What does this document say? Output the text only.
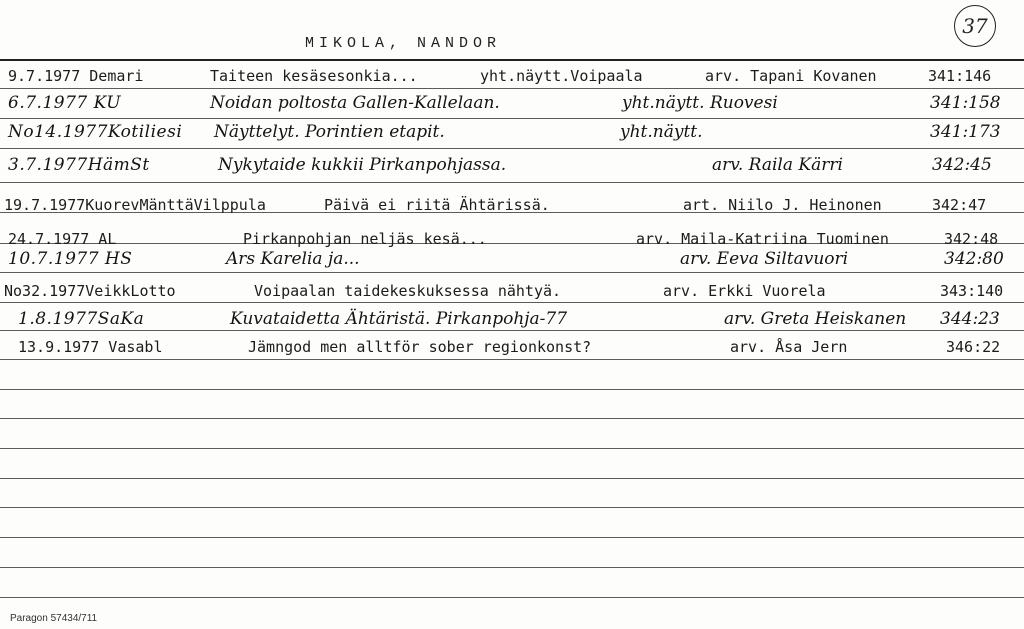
MIKOLA, NANDOR
37
9.7.1977 Demari	Taiteen kesäsesonkia...	yht.näytt.Voipaala	arv. Tapani Kovanen	341:146
6.7.1977 KU	Noidan poltosta Gallen-Kallelaan.	yht.näytt. Ruovesi	341:158
No14.1977Kotiliesi Näyttelyt. Porintien etapit.	yht.näytt.	341:173
3.7.1977HämSt	Nykytaide kukkii Pirkanpohjassa.	arv. Raila Kärri	342:45
19.7.1977KuorevMänttäVilppula	Päivä ei riitä Ähtärissä.	art. Niilo J. Heinonen	342:47
24.7.1977 AL	Pirkanpohjan neljäs kesä...	arv. Maila-Katriina Tuominen	342:48
10.7.1977 HS	Ars Karelia ja...	arv. Eeva Siltavuori	342:80
No32.1977VeikkLotto	Voipaalan taidekeskuksessa nähtyä.	arv. Erkki Vuorela	343:140
1.8.1977SaKa	Kuvataidetta Ähtäristä. Pirkanpohja-77	arv. Greta Heiskanen 344:23
13.9.1977 Vasabl	Jämngod men alltför sober regionkonst?	arv. Åsa Jern	346:22
Paragon 57434/711
